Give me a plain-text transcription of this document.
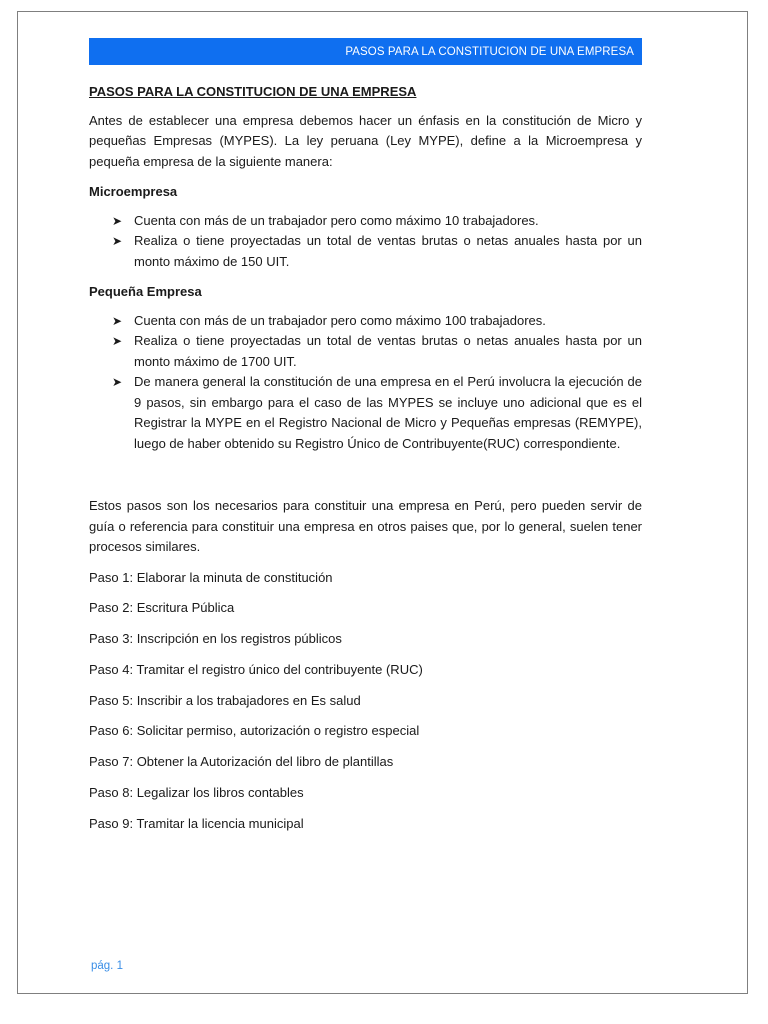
PASOS PARA LA CONSTITUCION DE UNA EMPRESA

PASOS PARA LA CONSTITUCION DE UNA EMPRESA

Antes de establecer una empresa debemos hacer un énfasis en la constitución de Micro y pequeñas Empresas (MYPES). La ley peruana (Ley MYPE), define a la Microempresa y pequeña empresa de la siguiente manera:

Microempresa

➤ Cuenta con más de un trabajador pero como máximo 10 trabajadores.
➤ Realiza o tiene proyectadas un total de ventas brutas o netas anuales hasta por un monto máximo de 150 UIT.

Pequeña Empresa

➤ Cuenta con más de un trabajador pero como máximo 100 trabajadores.
➤ Realiza o tiene proyectadas un total de ventas brutas o netas anuales hasta por un monto máximo de 1700 UIT.
➤ De manera general la constitución de una empresa en el Perú involucra la ejecución de 9 pasos, sin embargo para el caso de las MYPES se incluye uno adicional que es el Registrar la MYPE en el Registro Nacional de Micro y Pequeñas empresas (REMYPE), luego de haber obtenido su Registro Único de Contribuyente(RUC) correspondiente.

Estos pasos son los necesarios para constituir una empresa en Perú, pero pueden servir de guía o referencia para constituir una empresa en otros paises que, por lo general, suelen tener procesos similares.

Paso 1: Elaborar la minuta de constitución

Paso 2: Escritura Pública

Paso 3: Inscripción en los registros públicos

Paso 4: Tramitar el registro único del contribuyente (RUC)

Paso 5: Inscribir a los trabajadores en Es salud

Paso 6: Solicitar permiso, autorización o registro especial

Paso 7: Obtener la Autorización del libro de plantillas

Paso 8: Legalizar los libros contables

Paso 9: Tramitar la licencia municipal

pág. 1
